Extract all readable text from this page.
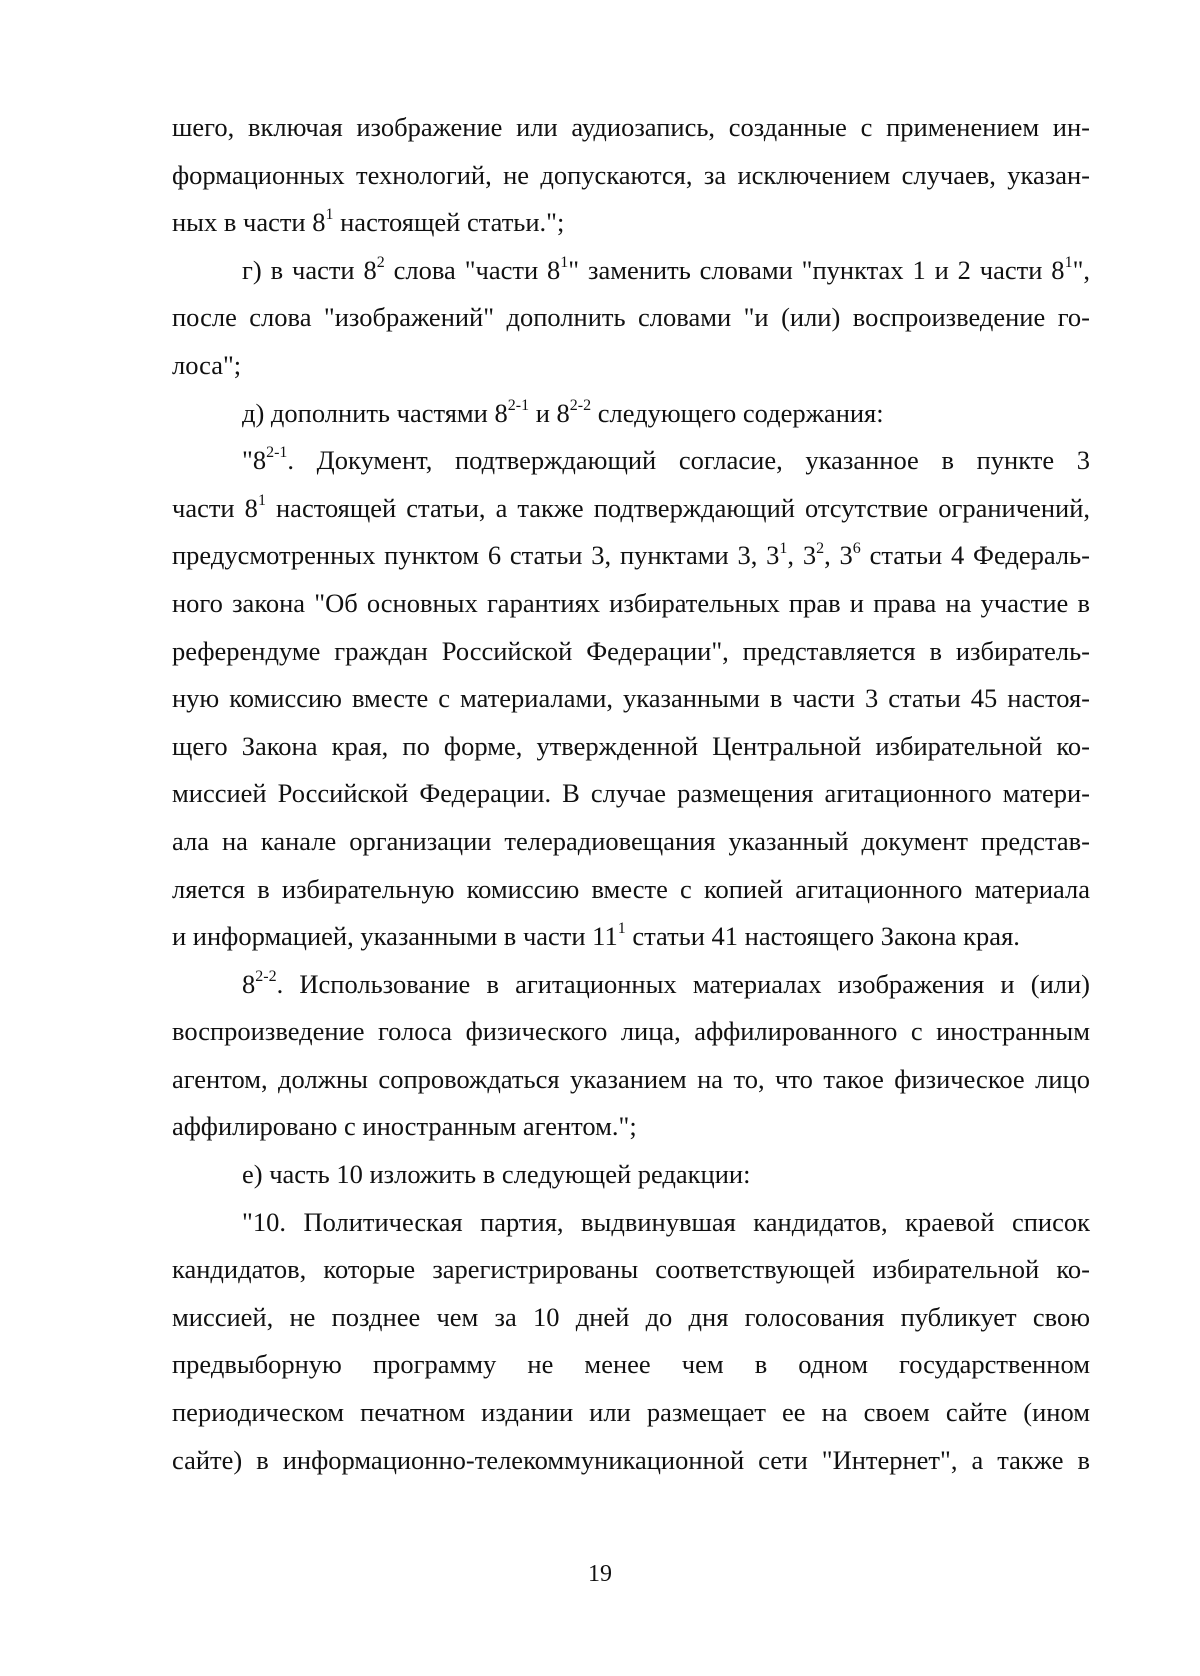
шего, включая изображение или аудиозапись, созданные с применением ин-
формационных технологий, не допускаются, за исключением случаев, указан-
ных в части $8^1$ настоящей статьи.";
г) в части $8^2$ слова "части $8^1$" заменить словами "пунктах 1 и 2 части $8^1$",
после слова "изображений" дополнить словами "и (или) воспроизведение го-
лоса";
д) дополнить частями 8$^{2-1}$ и 8$^{2-2}$ следующего содержания:
"8$^{2-1}$. Документ, подтверждающий согласие, указанное в пункте 3
части $8^1$ настоящей статьи, а также подтверждающий отсутствие ограничений,
предусмотренных пунктом 6 статьи 3, пунктами 3, $3^1$, $3^2$, $3^6$ статьи 4 Федераль-
ного закона "Об основных гарантиях избирательных прав и права на участие в
референдуме граждан Российской Федерации", представляется в избиратель-
ную комиссию вместе с материалами, указанными в части 3 статьи 45 настоя-
щего Закона края, по форме, утвержденной Центральной избирательной ко-
миссией Российской Федерации. В случае размещения агитационного матери-
ала на канале организации телерадиовещания указанный документ представ-
ляется в избирательную комиссию вместе с копией агитационного материала
и информацией, указанными в части $11^1$ статьи 41 настоящего Закона края.
8$^{2-2}$. Использование в агитационных материалах изображения и (или)
воспроизведение голоса физического лица, аффилированного с иностранным
агентом, должны сопровождаться указанием на то, что такое физическое лицо
аффилировано с иностранным агентом.";
е) часть 10 изложить в следующей редакции:
"10. Политическая партия, выдвинувшая кандидатов, краевой список
кандидатов, которые зарегистрированы соответствующей избирательной ко-
миссией, не позднее чем за 10 дней до дня голосования публикует свою
предвыборную программу не менее чем в одном государственном
периодическом печатном издании или размещает ее на своем сайте (ином
сайте) в информационно-телекоммуникационной сети "Интернет", а также в
19
